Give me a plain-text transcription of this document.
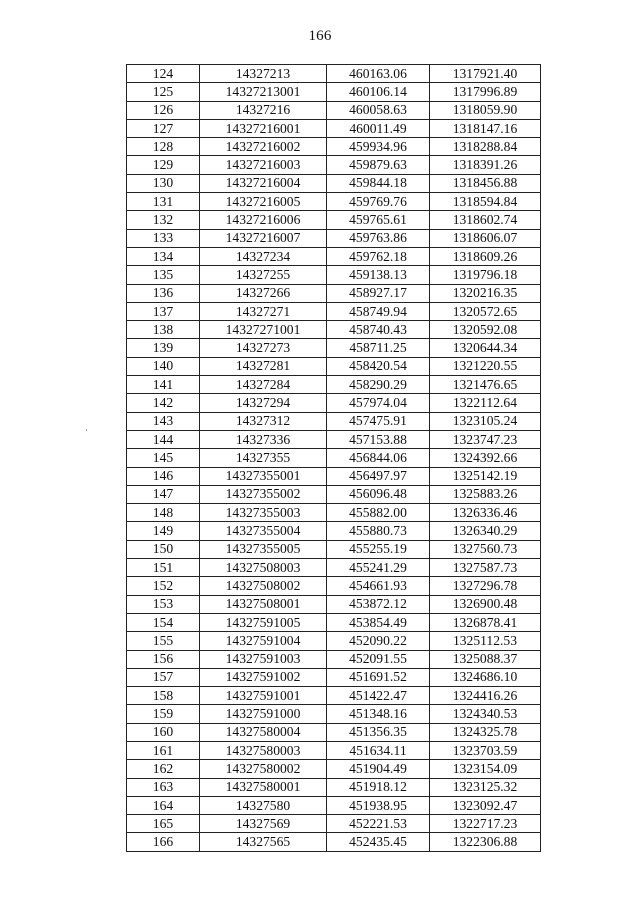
166
124	14327213	460163.06	1317921.40
125	14327213001	460106.14	1317996.89
126	14327216	460058.63	1318059.90
127	14327216001	460011.49	1318147.16
128	14327216002	459934.96	1318288.84
129	14327216003	459879.63	1318391.26
130	14327216004	459844.18	1318456.88
131	14327216005	459769.76	1318594.84
132	14327216006	459765.61	1318602.74
133	14327216007	459763.86	1318606.07
134	14327234	459762.18	1318609.26
135	14327255	459138.13	1319796.18
136	14327266	458927.17	1320216.35
137	14327271	458749.94	1320572.65
138	14327271001	458740.43	1320592.08
139	14327273	458711.25	1320644.34
140	14327281	458420.54	1321220.55
141	14327284	458290.29	1321476.65
142	14327294	457974.04	1322112.64
143	14327312	457475.91	1323105.24
144	14327336	457153.88	1323747.23
145	14327355	456844.06	1324392.66
146	14327355001	456497.97	1325142.19
147	14327355002	456096.48	1325883.26
148	14327355003	455882.00	1326336.46
149	14327355004	455880.73	1326340.29
150	14327355005	455255.19	1327560.73
151	14327508003	455241.29	1327587.73
152	14327508002	454661.93	1327296.78
153	14327508001	453872.12	1326900.48
154	14327591005	453854.49	1326878.41
155	14327591004	452090.22	1325112.53
156	14327591003	452091.55	1325088.37
157	14327591002	451691.52	1324686.10
158	14327591001	451422.47	1324416.26
159	14327591000	451348.16	1324340.53
160	14327580004	451356.35	1324325.78
161	14327580003	451634.11	1323703.59
162	14327580002	451904.49	1323154.09
163	14327580001	451918.12	1323125.32
164	14327580	451938.95	1323092.47
165	14327569	452221.53	1322717.23
166	14327565	452435.45	1322306.88
